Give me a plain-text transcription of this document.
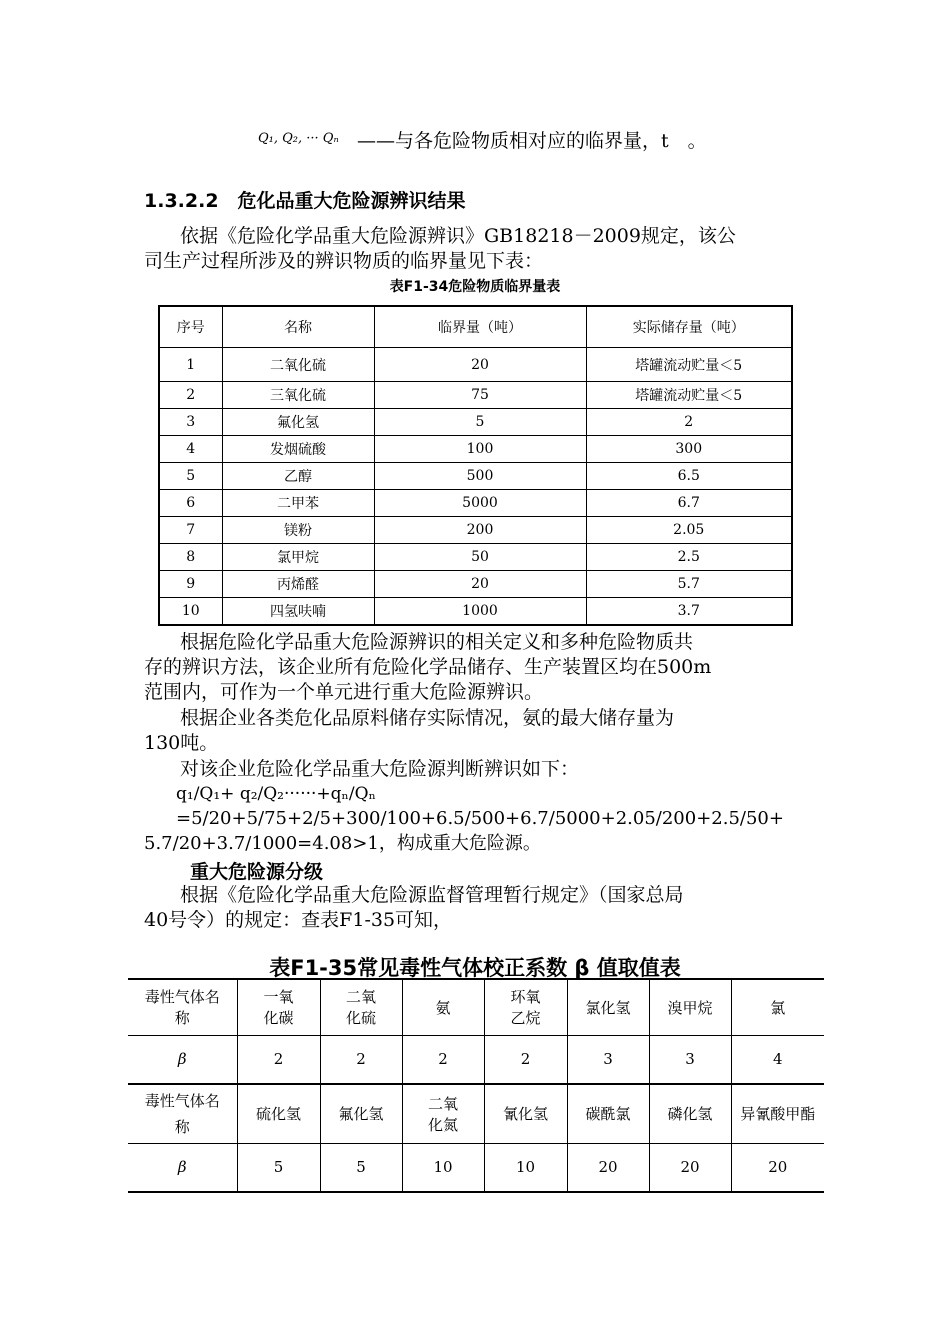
Q₁, Q₂, ··· Qₙ ——与各危险物质相对应的临界量，t　。
1.3.2.2　危化品重大危险源辨识结果
依据《危险化学品重大危险源辨识》GB18218－2009规定，该公
司生产过程所涉及的辨识物质的临界量见下表：
表F1-34危险物质临界量表
序号	名称	临界量（吨）	实际储存量（吨）
1	二氧化硫	20	塔罐流动贮量＜5
2	三氧化硫	75	塔罐流动贮量＜5
3	氟化氢	5	2
4	发烟硫酸	100	300
5	乙醇	500	6.5
6	二甲苯	5000	6.7
7	镁粉	200	2.05
8	氯甲烷	50	2.5
9	丙烯醛	20	5.7
10	四氢呋喃	1000	3.7
根据危险化学品重大危险源辨识的相关定义和多种危险物质共
存的辨识方法，该企业所有危险化学品储存、生产装置区均在500m
范围内，可作为一个单元进行重大危险源辨识。
根据企业各类危化品原料储存实际情况，氨的最大储存量为
130吨。
对该企业危险化学品重大危险源判断辨识如下：
q₁/Q₁+ q₂/Q₂······+qₙ/Qₙ
=5/20+5/75+2/5+300/100+6.5/500+6.7/5000+2.05/200+2.5/50+
5.7/20+3.7/1000=4.08>1，构成重大危险源。
重大危险源分级
根据《危险化学品重大危险源监督管理暂行规定》（国家总局
40号令）的规定：查表F1-35可知，
表F1-35常见毒性气体校正系数 β 值取值表
毒性气体名称	一氧化碳	二氧化硫	氨	环氧乙烷	氯化氢	溴甲烷	氯
β	2	2	2	2	3	3	4
毒性气体名称	硫化氢	氟化氢	二氧化氮	氰化氢	碳酰氯	磷化氢	异氰酸甲酯
β	5	5	10	10	20	20	20
